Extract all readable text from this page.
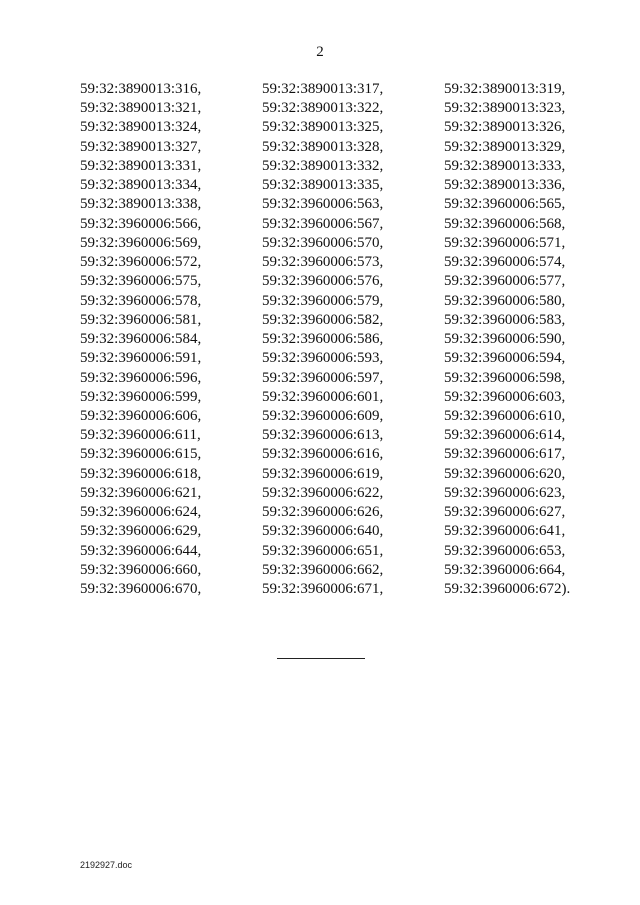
2
59:32:3890013:316,	59:32:3890013:317,	59:32:3890013:319,
59:32:3890013:321,	59:32:3890013:322,	59:32:3890013:323,
59:32:3890013:324,	59:32:3890013:325,	59:32:3890013:326,
59:32:3890013:327,	59:32:3890013:328,	59:32:3890013:329,
59:32:3890013:331,	59:32:3890013:332,	59:32:3890013:333,
59:32:3890013:334,	59:32:3890013:335,	59:32:3890013:336,
59:32:3890013:338,	59:32:3960006:563,	59:32:3960006:565,
59:32:3960006:566,	59:32:3960006:567,	59:32:3960006:568,
59:32:3960006:569,	59:32:3960006:570,	59:32:3960006:571,
59:32:3960006:572,	59:32:3960006:573,	59:32:3960006:574,
59:32:3960006:575,	59:32:3960006:576,	59:32:3960006:577,
59:32:3960006:578,	59:32:3960006:579,	59:32:3960006:580,
59:32:3960006:581,	59:32:3960006:582,	59:32:3960006:583,
59:32:3960006:584,	59:32:3960006:586,	59:32:3960006:590,
59:32:3960006:591,	59:32:3960006:593,	59:32:3960006:594,
59:32:3960006:596,	59:32:3960006:597,	59:32:3960006:598,
59:32:3960006:599,	59:32:3960006:601,	59:32:3960006:603,
59:32:3960006:606,	59:32:3960006:609,	59:32:3960006:610,
59:32:3960006:611,	59:32:3960006:613,	59:32:3960006:614,
59:32:3960006:615,	59:32:3960006:616,	59:32:3960006:617,
59:32:3960006:618,	59:32:3960006:619,	59:32:3960006:620,
59:32:3960006:621,	59:32:3960006:622,	59:32:3960006:623,
59:32:3960006:624,	59:32:3960006:626,	59:32:3960006:627,
59:32:3960006:629,	59:32:3960006:640,	59:32:3960006:641,
59:32:3960006:644,	59:32:3960006:651,	59:32:3960006:653,
59:32:3960006:660,	59:32:3960006:662,	59:32:3960006:664,
59:32:3960006:670,	59:32:3960006:671,	59:32:3960006:672).
2192927.doc
